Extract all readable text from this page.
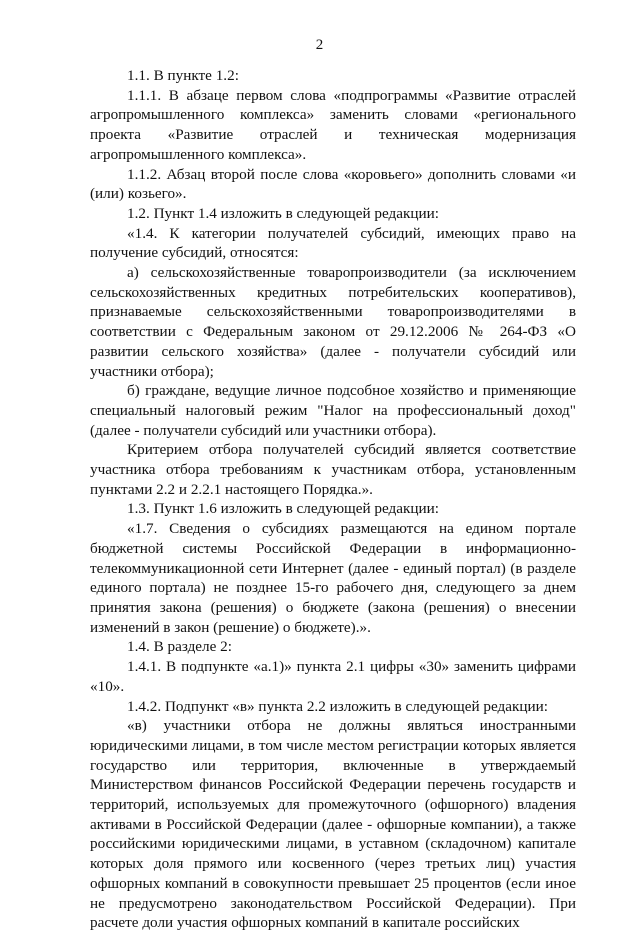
2

1.1. В пункте 1.2:

1.1.1. В абзаце первом слова «подпрограммы «Развитие отраслей агропромышленного комплекса» заменить словами «регионального проекта «Развитие отраслей и техническая модернизация агропромышленного комплекса».

1.1.2. Абзац второй после слова «коровьего» дополнить словами «и (или) козьего».

1.2. Пункт 1.4 изложить в следующей редакции:

«1.4. К категории получателей субсидий, имеющих право на получение субсидий, относятся:

а) сельскохозяйственные товаропроизводители (за исключением сельскохозяйственных кредитных потребительских кооперативов), признаваемые сельскохозяйственными товаропроизводителями в соответствии с Федеральным законом от 29.12.2006 № 264-ФЗ «О развитии сельского хозяйства» (далее - получатели субсидий или участники отбора);

б) граждане, ведущие личное подсобное хозяйство и применяющие специальный налоговый режим "Налог на профессиональный доход" (далее - получатели субсидий или участники отбора).

Критерием отбора получателей субсидий является соответствие участника отбора требованиям к участникам отбора, установленным пунктами 2.2 и 2.2.1 настоящего Порядка.».

1.3. Пункт 1.6 изложить в следующей редакции:

«1.7. Сведения о субсидиях размещаются на едином портале бюджетной системы Российской Федерации в информационно-телекоммуникационной сети Интернет (далее - единый портал) (в разделе единого портала) не позднее 15-го рабочего дня, следующего за днем принятия закона (решения) о бюджете (закона (решения) о внесении изменений в закон (решение) о бюджете).».

1.4. В разделе 2:

1.4.1. В подпункте «а.1)» пункта 2.1 цифры «30» заменить цифрами «10».

1.4.2. Подпункт «в» пункта 2.2 изложить в следующей редакции:

«в) участники отбора не должны являться иностранными юридическими лицами, в том числе местом регистрации которых является государство или территория, включенные в утверждаемый Министерством финансов Российской Федерации перечень государств и территорий, используемых для промежуточного (офшорного) владения активами в Российской Федерации (далее - офшорные компании), а также российскими юридическими лицами, в уставном (складочном) капитале которых доля прямого или косвенного (через третьих лиц) участия офшорных компаний в совокупности превышает 25 процентов (если иное не предусмотрено законодательством Российской Федерации). При расчете доли участия офшорных компаний в капитале российских
